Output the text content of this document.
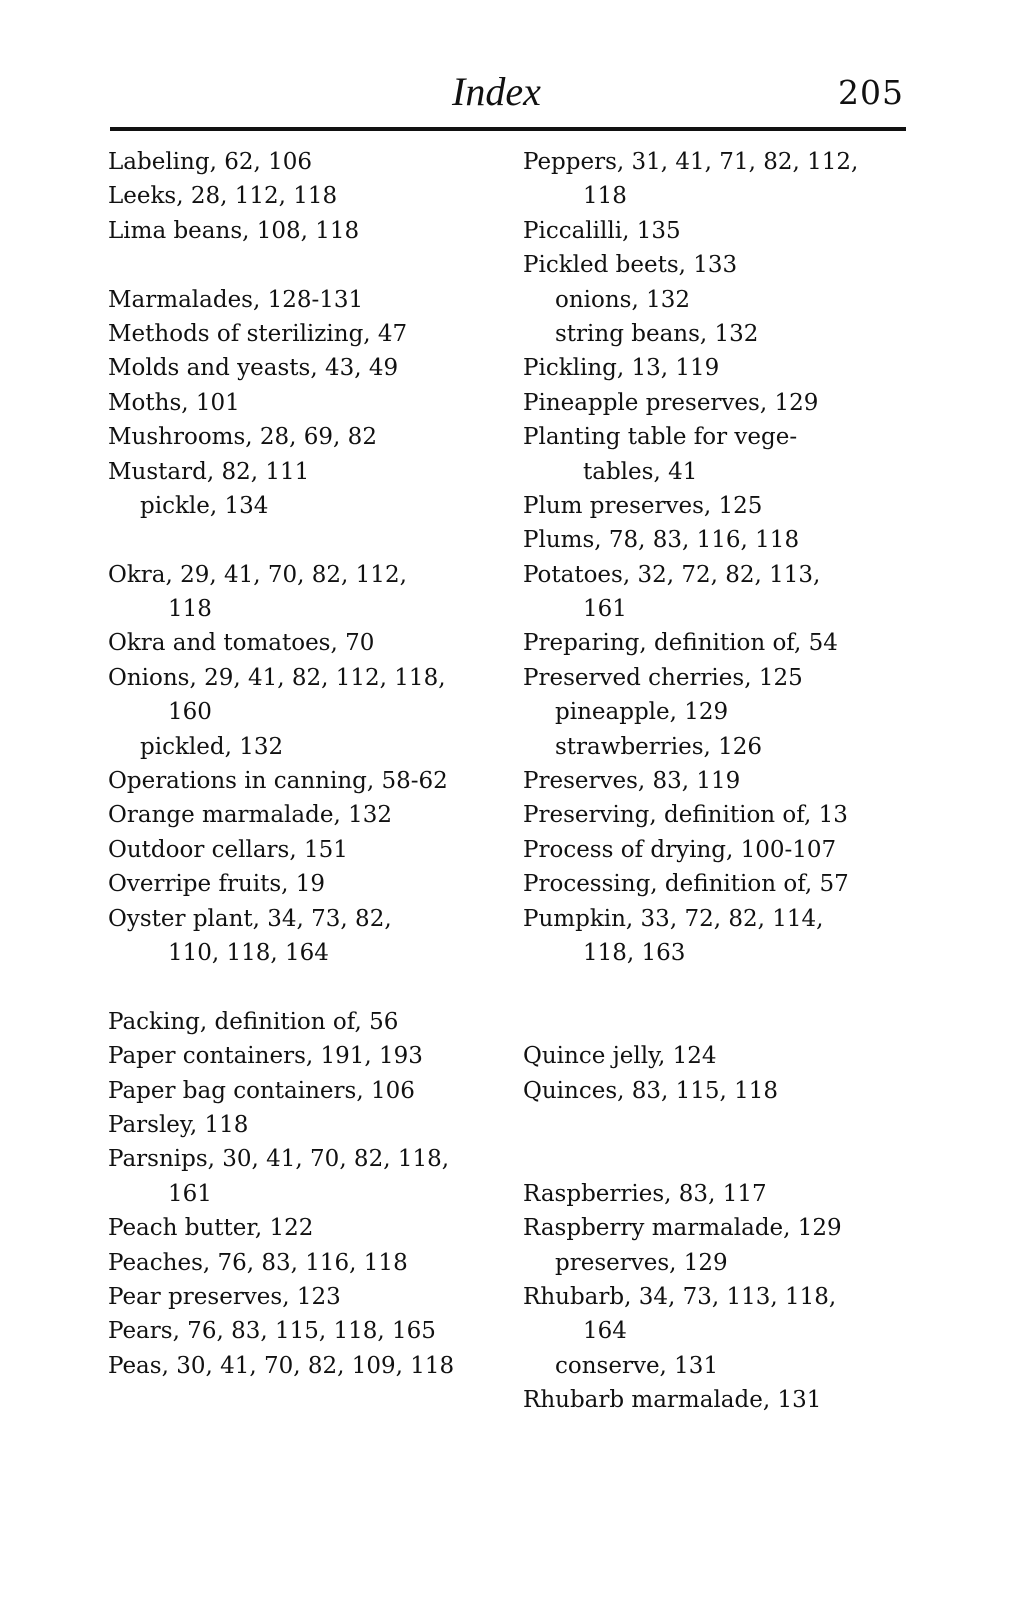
Index	205
Labeling, 62, 106
Leeks, 28, 112, 118
Lima beans, 108, 118
Marmalades, 128-131
Methods of sterilizing, 47
Molds and yeasts, 43, 49
Moths, 101
Mushrooms, 28, 69, 82
Mustard, 82, 111
pickle, 134
Okra, 29, 41, 70, 82, 112,
118
Okra and tomatoes, 70
Onions, 29, 41, 82, 112, 118,
160
pickled, 132
Operations in canning, 58-62
Orange marmalade, 132
Outdoor cellars, 151
Overripe fruits, 19
Oyster plant, 34, 73, 82,
110, 118, 164
Packing, definition of, 56
Paper containers, 191, 193
Paper bag containers, 106
Parsley, 118
Parsnips, 30, 41, 70, 82, 118,
161
Peach butter, 122
Peaches, 76, 83, 116, 118
Pear preserves, 123
Pears, 76, 83, 115, 118, 165
Peas, 30, 41, 70, 82, 109, 118
Peppers, 31, 41, 71, 82, 112,
118
Piccalilli, 135
Pickled beets, 133
onions, 132
string beans, 132
Pickling, 13, 119
Pineapple preserves, 129
Planting table for vege-
tables, 41
Plum preserves, 125
Plums, 78, 83, 116, 118
Potatoes, 32, 72, 82, 113,
161
Preparing, definition of, 54
Preserved cherries, 125
pineapple, 129
strawberries, 126
Preserves, 83, 119
Preserving, definition of, 13
Process of drying, 100-107
Processing, definition of, 57
Pumpkin, 33, 72, 82, 114,
118, 163
Quince jelly, 124
Quinces, 83, 115, 118
Raspberries, 83, 117
Raspberry marmalade, 129
preserves, 129
Rhubarb, 34, 73, 113, 118,
164
conserve, 131
Rhubarb marmalade, 131
